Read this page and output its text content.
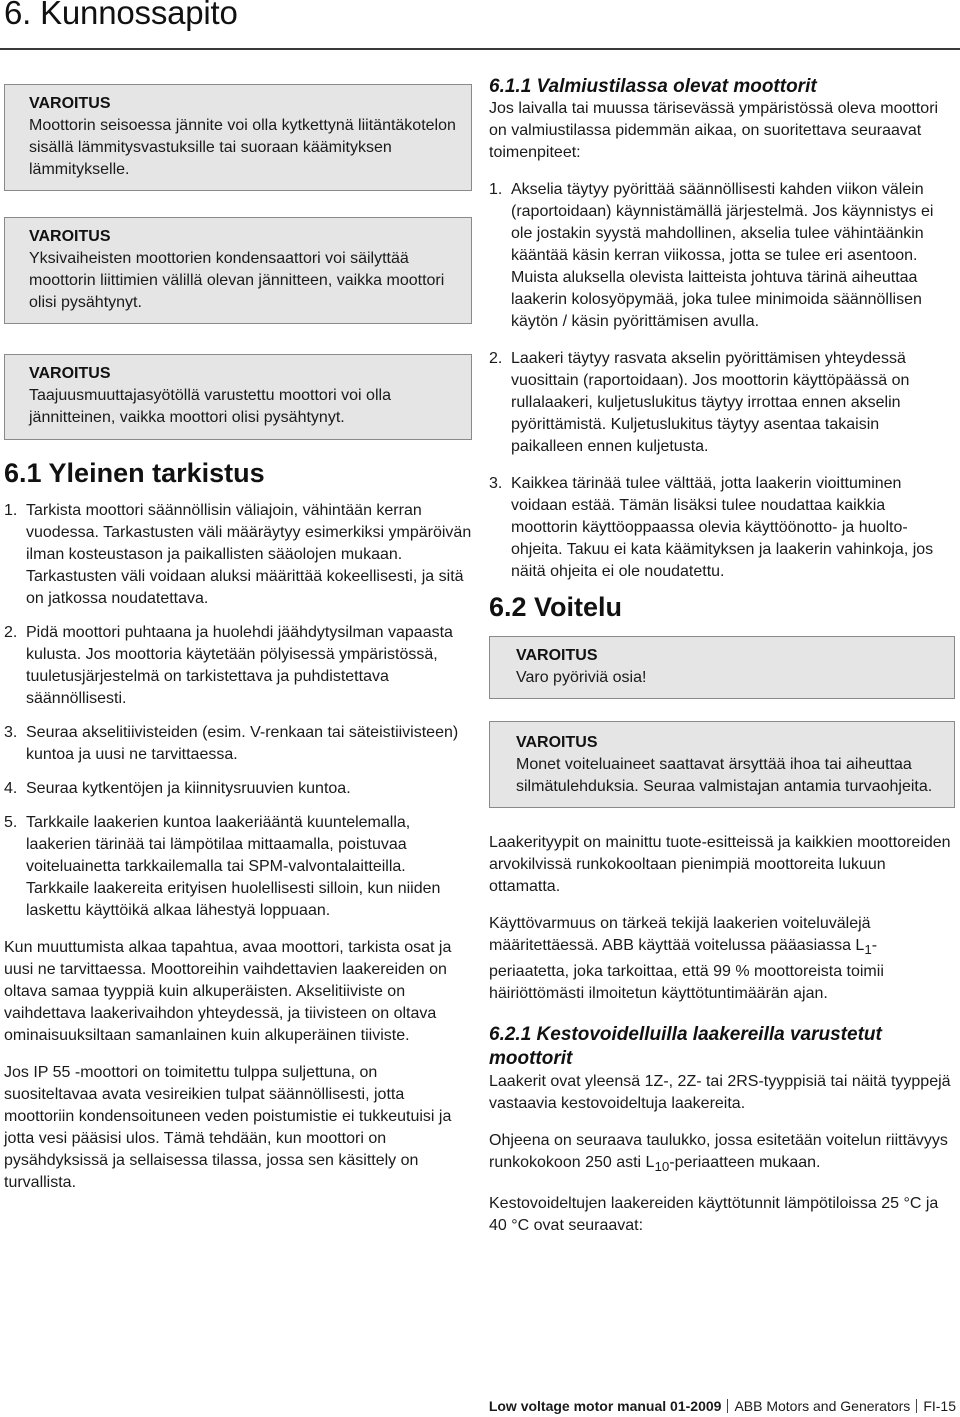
6. Kunnossapito
VAROITUS
Moottorin seisoessa jännite voi olla kytkettynä liitäntäkotelon sisällä lämmitysvastuksille tai suoraan käämityksen lämmitykselle.
VAROITUS
Yksivaiheisten moottorien kondensaattori voi säilyttää moottorin liittimien välillä olevan jännitteen, vaikka moottori olisi pysähtynyt.
VAROITUS
Taajuusmuuttajasyötöllä varustettu moottori voi olla jännitteinen, vaikka moottori olisi pysähtynyt.
6.1 Yleinen tarkistus
1. Tarkista moottori säännöllisin väliajoin, vähintään kerran vuodessa. Tarkastusten väli määräytyy esimerkiksi ympäröivän ilman kosteustason ja paikallisten sääolojen mukaan. Tarkastusten väli voidaan aluksi määrittää kokeellisesti, ja sitä on jatkossa noudatettava.
2. Pidä moottori puhtaana ja huolehdi jäähdytysilman vapaasta kulusta. Jos moottoria käytetään pölyisessä ympäristössä, tuuletusjärjestelmä on tarkistettava ja puhdistettava säännöllisesti.
3. Seuraa akselitiivisteiden (esim. V-renkaan tai säteistiivisteen) kuntoa ja uusi ne tarvittaessa.
4. Seuraa kytkentöjen ja kiinnitysruuvien kuntoa.
5. Tarkkaile laakerien kuntoa laakeriääntä kuuntelemalla, laakerien tärinää tai lämpötilaa mittaamalla, poistuvaa voiteluainetta tarkkailemalla tai SPM-valvontalaitteilla. Tarkkaile laakereita erityisen huolellisesti silloin, kun niiden laskettu käyttöikä alkaa lähestyä loppuaan.

Kun muuttumista alkaa tapahtua, avaa moottori, tarkista osat ja uusi ne tarvittaessa. Moottoreihin vaihdettavien laakereiden on oltava samaa tyyppiä kuin alkuperäisten. Akselitiiviste on vaihdettava laakerivaihdon yhteydessä, ja tiivisteen on oltava ominaisuuksiltaan samanlainen kuin alkuperäinen tiiviste.

Jos IP 55 -moottori on toimitettu tulppa suljettuna, on suositeltavaa avata vesireikien tulpat säännöllisesti, jotta moottoriin kondensoituneen veden poistumistie ei tukkeutuisi ja jotta vesi pääsisi ulos. Tämä tehdään, kun moottori on pysähdyksissä ja sellaisessa tilassa, jossa sen käsittely on turvallista.

6.1.1 Valmiustilassa olevat moottorit

Jos laivalla tai muussa tärisevässä ympäristössä oleva moottori on valmiustilassa pidemmän aikaa, on suoritettava seuraavat toimenpiteet:

1. Akselia täytyy pyörittää säännöllisesti kahden viikon välein (raportoidaan) käynnistämällä järjestelmä. Jos käynnistys ei ole jostakin syystä mahdollinen, akselia tulee vähintäänkin kääntää käsin kerran viikossa, jotta se tulee eri asentoon. Muista aluksella olevista laitteista johtuva tärinä aiheuttaa laakerin kolosyöpymää, joka tulee minimoida säännöllisen käytön / käsin pyörittämisen avulla.
2. Laakeri täytyy rasvata akselin pyörittämisen yhteydessä vuosittain (raportoidaan). Jos moottorin käyttöpäässä on rullalaakeri, kuljetuslukitus täytyy irrottaa ennen akselin pyörittämistä. Kuljetuslukitus täytyy asentaa takaisin paikalleen ennen kuljetusta.
3. Kaikkea tärinää tulee välttää, jotta laakerin vioittuminen voidaan estää. Tämän lisäksi tulee noudattaa kaikkia moottorin käyttöoppaassa olevia käyttöönotto- ja huolto-ohjeita. Takuu ei kata käämityksen ja laakerin vahinkoja, jos näitä ohjeita ei ole noudatettu.
6.2 Voitelu
VAROITUS
Varo pyöriviä osia!
VAROITUS
Monet voiteluaineet saattavat ärsyttää ihoa tai aiheuttaa silmätulehduksia. Seuraa valmistajan antamia turvaohjeita.

Laakerityypit on mainittu tuote-esitteissä ja kaikkien moottoreiden arvokilvissä runkokooltaan pienimpiä moottoreita lukuun ottamatta.

Käyttövarmuus on tärkeä tekijä laakerien voiteluvälejä määritettäessä. ABB käyttää voitelussa pääasiassa $L_1$-periaatetta, joka tarkoittaa, että 99 % moottoreista toimii häiriöttömästi ilmoitetun käyttötuntimäärän ajan.

6.2.1 Kestovoidelluilla laakereilla varustetut moottorit

Laakerit ovat yleensä 1Z-, 2Z- tai 2RS-tyyppisiä tai näitä tyyppejä vastaavia kestovoideltuja laakereita.

Ohjeena on seuraava taulukko, jossa esitetään voitelun riittävyys runkokokoon 250 asti $L_{10}$-periaatteen mukaan.

Kestovoideltujen laakereiden käyttötunnit lämpötiloissa 25 °C ja 40 °C ovat seuraavat:

Low voltage motor manual 01-2009 ABB Motors and Generators FI-15
